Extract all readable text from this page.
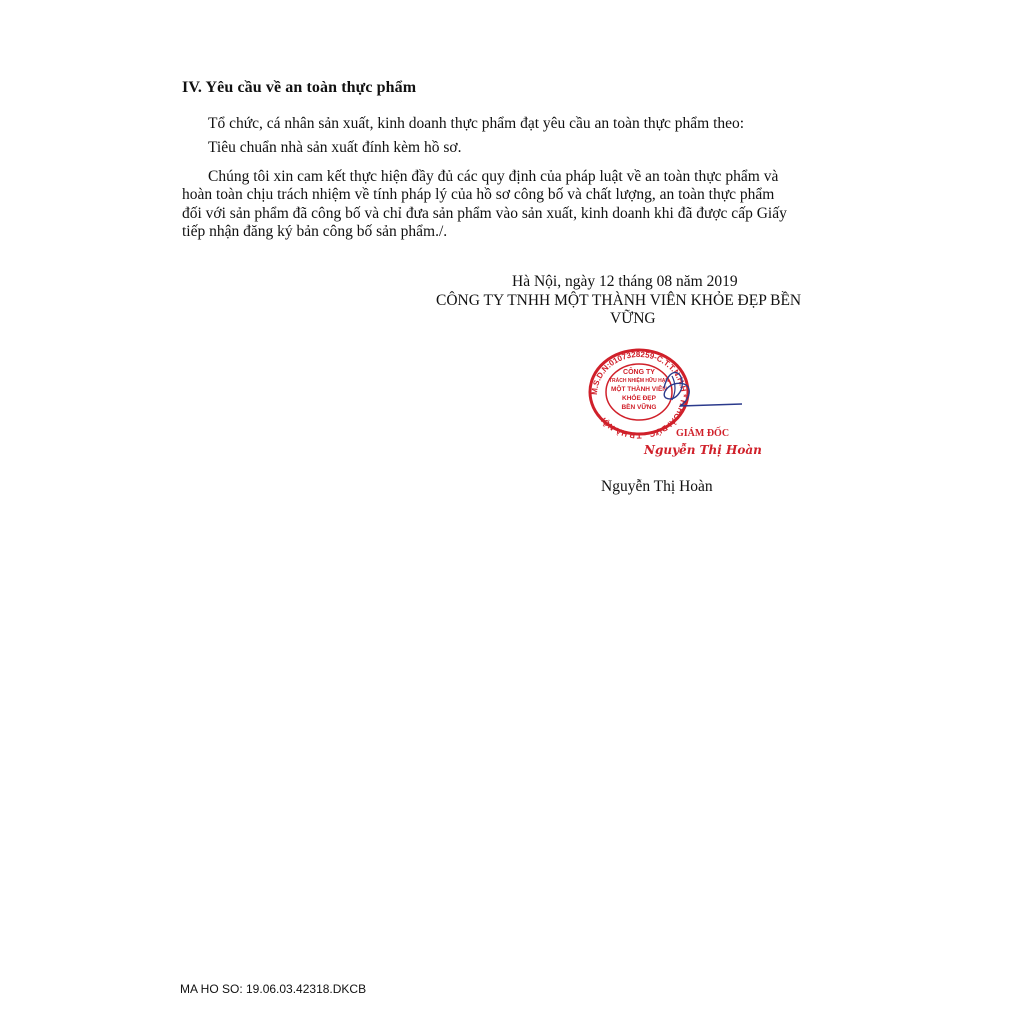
IV. Yêu cầu về an toàn thực phẩm
Tổ chức, cá nhân sản xuất, kinh doanh thực phẩm đạt yêu cầu an toàn thực phẩm theo:
Tiêu chuẩn nhà sản xuất đính kèm hồ sơ.
Chúng tôi xin cam kết thực hiện đầy đủ các quy định của pháp luật về an toàn thực phẩm và
hoàn toàn chịu trách nhiệm về tính pháp lý của hồ sơ công bố và chất lượng, an toàn thực phẩm
đối với sản phẩm đã công bố và chỉ đưa sản phẩm vào sản xuất, kinh doanh khi đã được cấp Giấy
tiếp nhận đăng ký bản công bố sản phẩm./.
Hà Nội, ngày 12 tháng 08 năm 2019
CÔNG TY TNHH MỘT THÀNH VIÊN KHỎE ĐẸP BỀN
VỮNG
M.S.D.N:0107328259-C.T.T.N.H.H * H.HOÀI ĐỨC - T.P HÀ NỘI *
CÔNG TY
TRÁCH NHIỆM HỮU HẠN
MỘT THÀNH VIÊN
KHỎE ĐẸP
BỀN VỮNG
GIÁM ĐỐC
Nguyễn Thị Hoàn
Nguyễn Thị Hoàn
MA HO SO: 19.06.03.42318.DKCB
